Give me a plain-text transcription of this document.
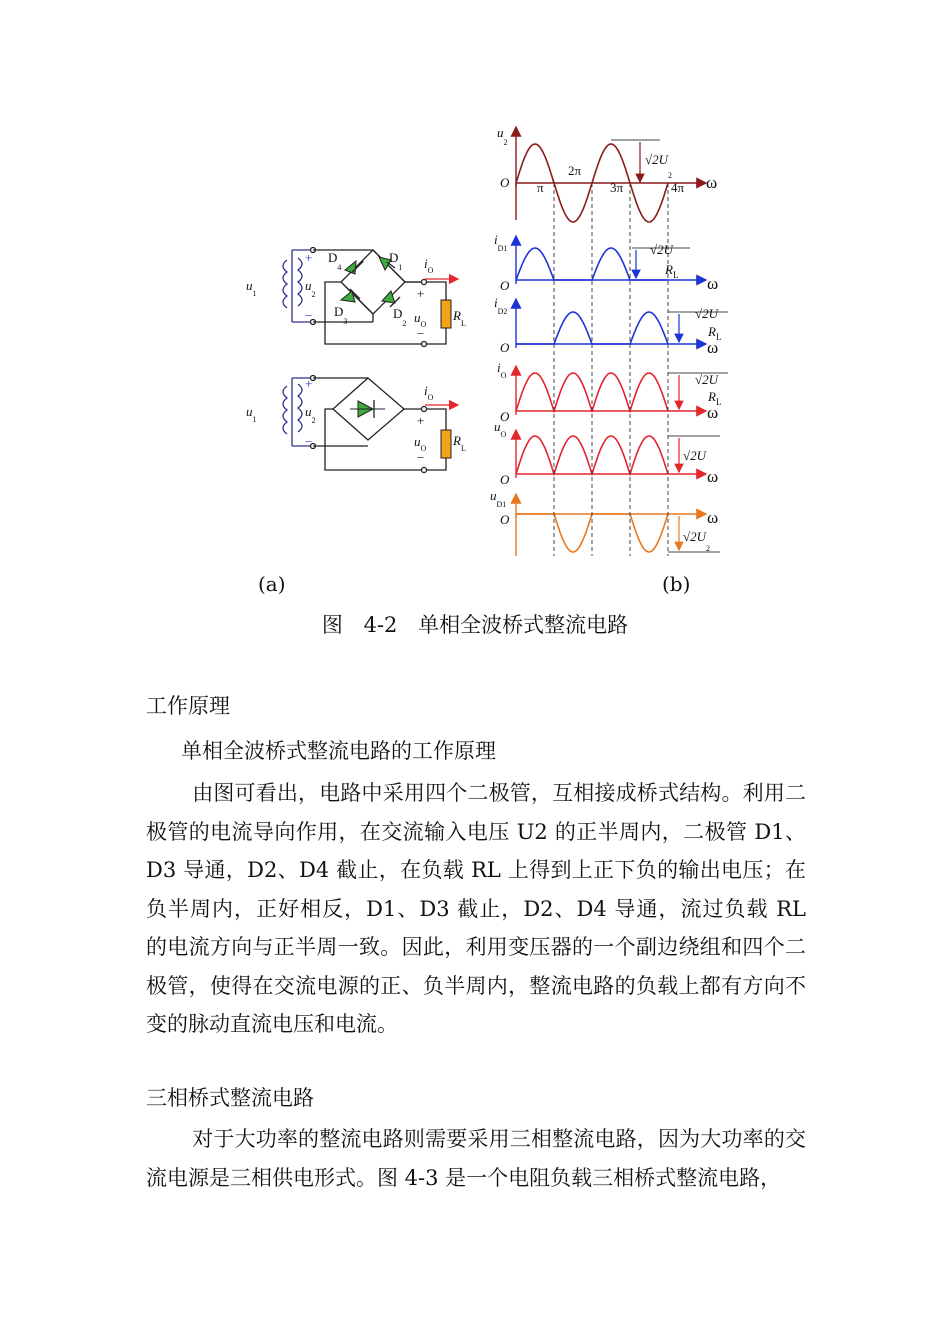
$u_1$
$u_2$
$u_1$
$u_2$
$i_O$
$i_O$
$u_O$
$u_O$
$R_L$
$R_L$
$D_4$
$D_1$
$D_3$
$D_2$
+
−
+
−
+
−
+
−
$u_2$
O π
2π
3π	4π ω
$√2U_2$
$i_{D1}$
O	ω
√2U
$R_L$
$i_{D2}$
O	ω
√2U
$R_L$
$i_O$
O	ω
√2U
$R_L$
$u_O$
O	ω
√2U
$u_{D1}$
O	ω
$√2U_2$
(a)	(b)
图 4-2 单相全波桥式整流电路
工作原理
单相全波桥式整流电路的工作原理

由图可看出，电路中采用四个二极管，互相接成桥式结构。利用二极管的电流导向作用，在交流输入电压 U2 的正半周内，二极管 D1、D3 导通，D2、D4 截止，在负载 RL 上得到上正下负的输出电压；在负半周内，正好相反，D1、D3 截止，D2、D4 导通，流过负载 RL 的电流方向与正半周一致。因此，利用变压器的一个副边绕组和四个二极管，使得在交流电源的正、负半周内，整流电路的负载上都有方向不变的脉动直流电压和电流。

三相桥式整流电路

对于大功率的整流电路则需要采用三相整流电路，因为大功率的交流电源是三相供电形式。图 4-3 是一个电阻负载三相桥式整流电路，
